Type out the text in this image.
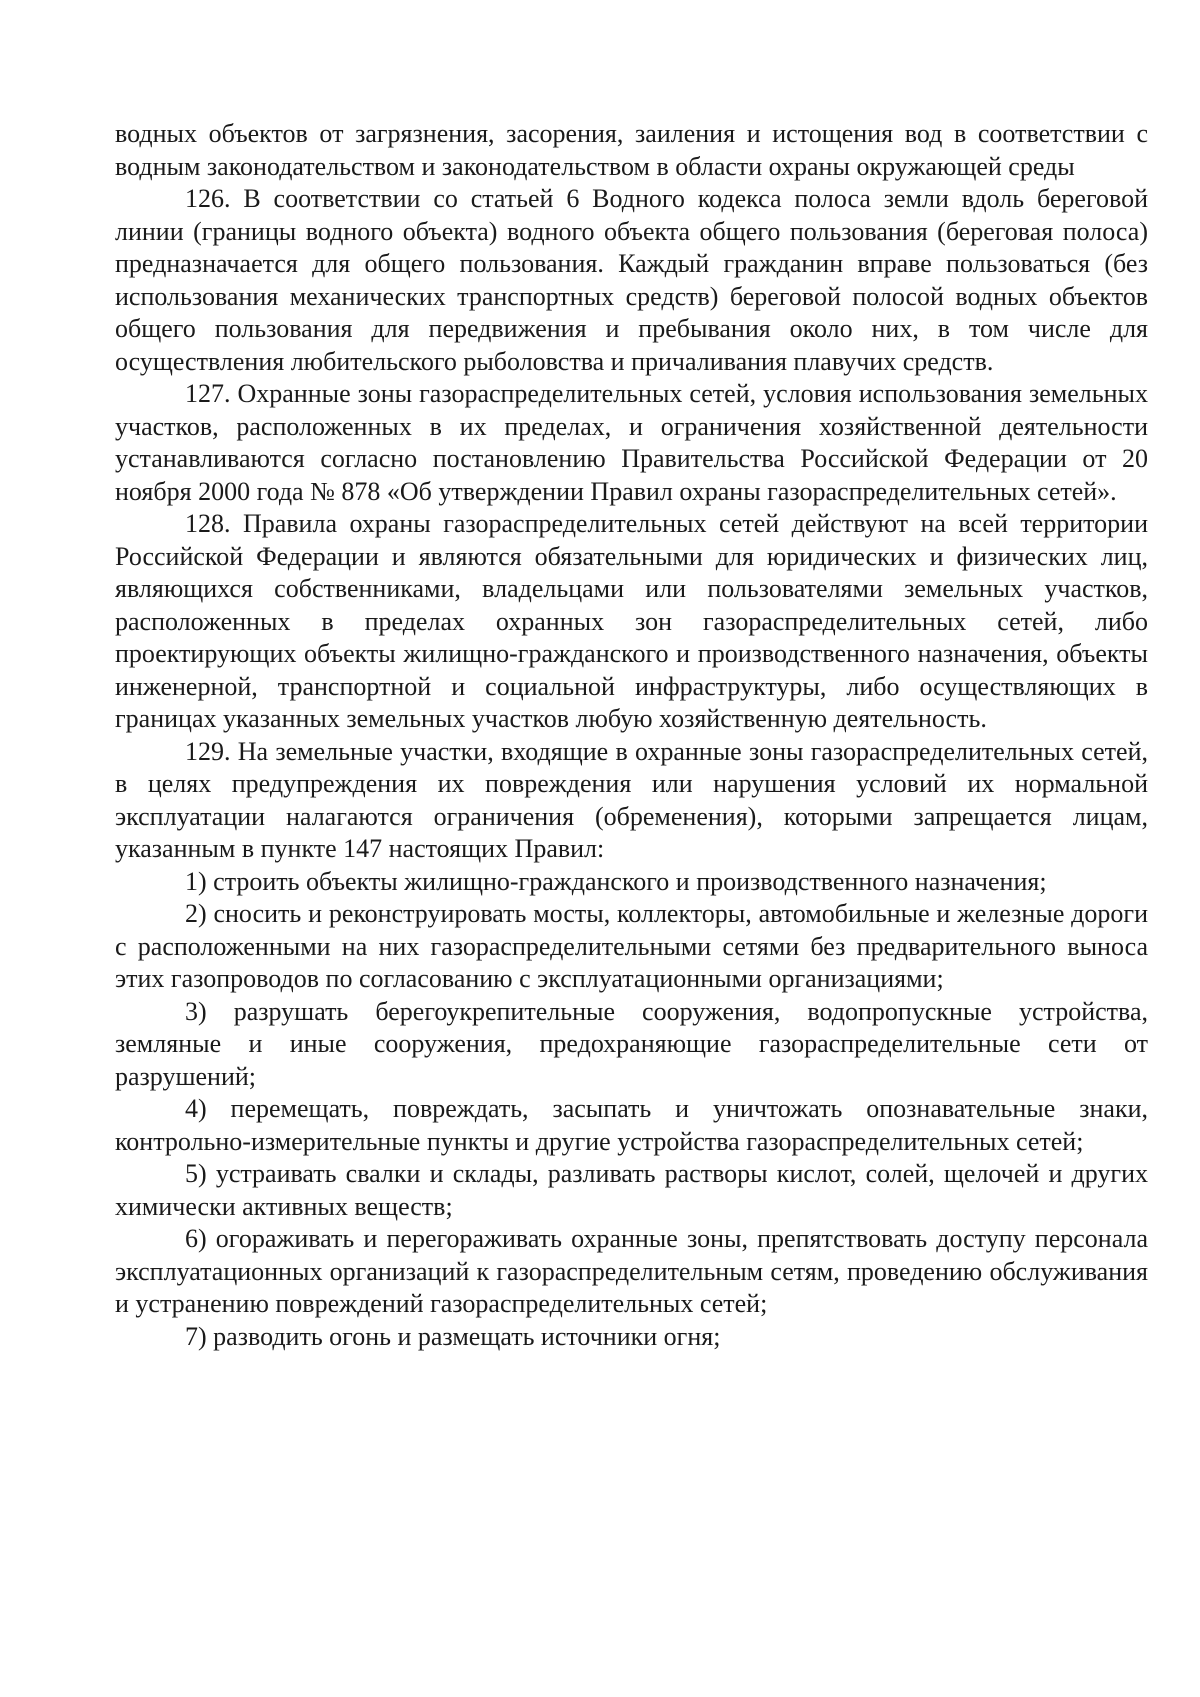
водных объектов от загрязнения, засорения, заиления и истощения вод в соответствии с водным законодательством и законодательством в области охраны окружающей среды

126. В соответствии со статьей 6 Водного кодекса полоса земли вдоль береговой линии (границы водного объекта) водного объекта общего пользования (береговая полоса) предназначается для общего пользования. Каждый гражданин вправе пользоваться (без использования механических транспортных средств) береговой полосой водных объектов общего пользования для передвижения и пребывания около них, в том числе для осуществления любительского рыболовства и причаливания плавучих средств.

127. Охранные зоны газораспределительных сетей, условия использования земельных участков, расположенных в их пределах, и ограничения хозяйственной деятельности устанавливаются согласно постановлению Правительства Российской Федерации от 20 ноября 2000 года № 878 «Об утверждении Правил охраны газораспределительных сетей».

128. Правила охраны газораспределительных сетей действуют на всей территории Российской Федерации и являются обязательными для юридических и физических лиц, являющихся собственниками, владельцами или пользователями земельных участков, расположенных в пределах охранных зон газораспределительных сетей, либо проектирующих объекты жилищно-гражданского и производственного назначения, объекты инженерной, транспортной и социальной инфраструктуры, либо осуществляющих в границах указанных земельных участков любую хозяйственную деятельность.

129. На земельные участки, входящие в охранные зоны газораспределительных сетей, в целях предупреждения их повреждения или нарушения условий их нормальной эксплуатации налагаются ограничения (обременения), которыми запрещается лицам, указанным в пункте 147 настоящих Правил:

1) строить объекты жилищно-гражданского и производственного назначения;

2) сносить и реконструировать мосты, коллекторы, автомобильные и железные дороги с расположенными на них газораспределительными сетями без предварительного выноса этих газопроводов по согласованию с эксплуатационными организациями;

3) разрушать берегоукрепительные сооружения, водопропускные устройства, земляные и иные сооружения, предохраняющие газораспределительные сети от разрушений;

4) перемещать, повреждать, засыпать и уничтожать опознавательные знаки, контрольно-измерительные пункты и другие устройства газораспределительных сетей;

5) устраивать свалки и склады, разливать растворы кислот, солей, щелочей и других химически активных веществ;

6) огораживать и перегораживать охранные зоны, препятствовать доступу персонала эксплуатационных организаций к газораспределительным сетям, проведению обслуживания и устранению повреждений газораспределительных сетей;

7) разводить огонь и размещать источники огня;
